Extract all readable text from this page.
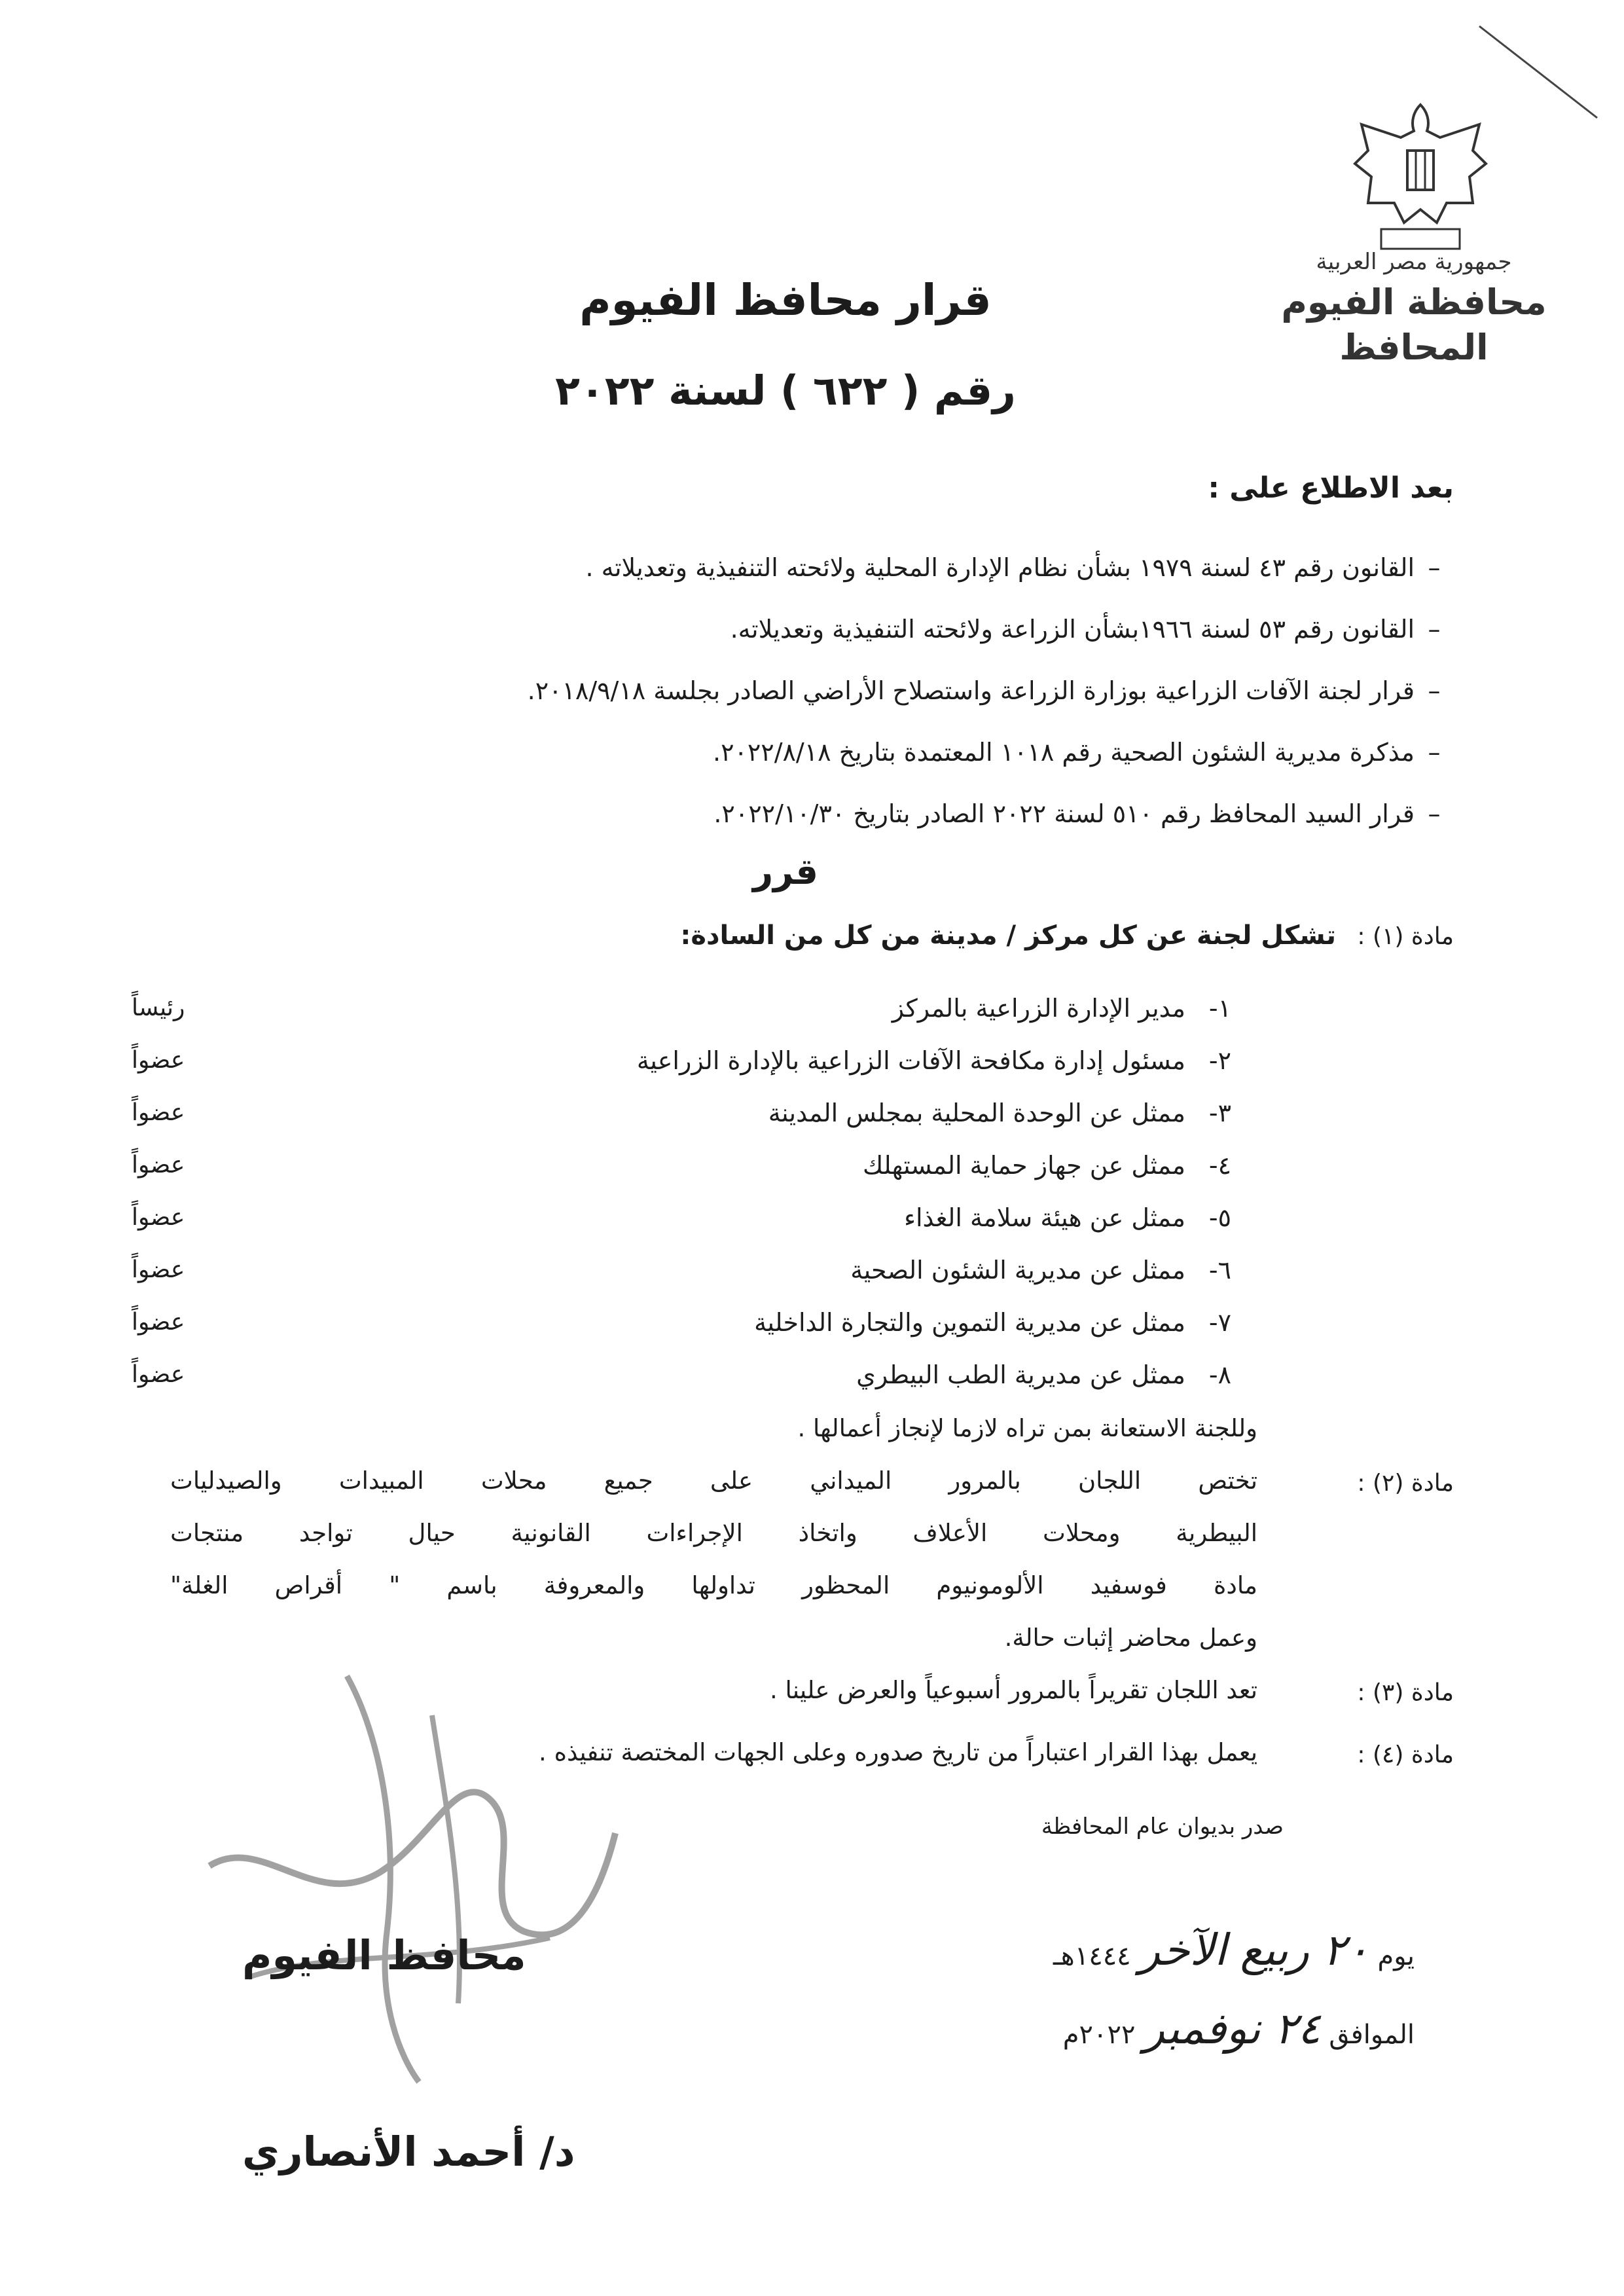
جمهورية مصر العربية
محافظة الفيوم
المحافظ
قرار محافظ الفيوم
رقم ( ٦٢٢ ) لسنة ٢٠٢٢
بعد الاطلاع على :
–القانون رقم ٤٣ لسنة ١٩٧٩ بشأن نظام الإدارة المحلية ولائحته التنفيذية وتعديلاته .
–القانون رقم ٥٣ لسنة ١٩٦٦بشأن الزراعة ولائحته التنفيذية وتعديلاته.
–قرار لجنة الآفات الزراعية بوزارة الزراعة واستصلاح الأراضي الصادر بجلسة ٢٠١٨/٩/١٨.
–مذكرة مديرية الشئون الصحية رقم ١٠١٨ المعتمدة بتاريخ ٢٠٢٢/٨/١٨.
–قرار السيد المحافظ رقم ٥١٠ لسنة ٢٠٢٢ الصادر بتاريخ ٢٠٢٢/١٠/٣٠.
قرر
مادة (١) :
تشكل لجنة عن كل مركز / مدينة من كل من السادة:
١-مدير الإدارة الزراعية بالمركز
رئيساً
٢-مسئول إدارة مكافحة الآفات الزراعية بالإدارة الزراعية
عضواً
٣-ممثل عن الوحدة المحلية بمجلس المدينة
عضواً
٤-ممثل عن جهاز حماية المستهلك
عضواً
٥-ممثل عن هيئة سلامة الغذاء
عضواً
٦-ممثل عن مديرية الشئون الصحية
عضواً
٧-ممثل عن مديرية التموين والتجارة الداخلية
عضواً
٨-ممثل عن مديرية الطب البيطري
عضواً
وللجنة الاستعانة بمن تراه لازما لإنجاز أعمالها .
مادة (٢) :
تختص اللجان بالمرور الميداني على جميع محلات المبيدات والصيدليات
البيطرية ومحلات الأعلاف واتخاذ الإجراءات القانونية حيال تواجد منتجات
مادة فوسفيد الألومونيوم المحظور تداولها والمعروفة باسم " أقراص الغلة"
وعمل محاضر إثبات حالة.
مادة (٣) :
تعد اللجان تقريراً بالمرور أسبوعياً والعرض علينا .
مادة (٤) :
يعمل بهذا القرار اعتباراً من تاريخ صدوره وعلى الجهات المختصة تنفيذه .
صدر بديوان عام المحافظة
يوم ٢٠ ربيع الآخر ١٤٤٤هـ
الموافق ٢٤ نوفمبر ٢٠٢٢م
محافظ الفيوم
د/ أحمد الأنصاري
